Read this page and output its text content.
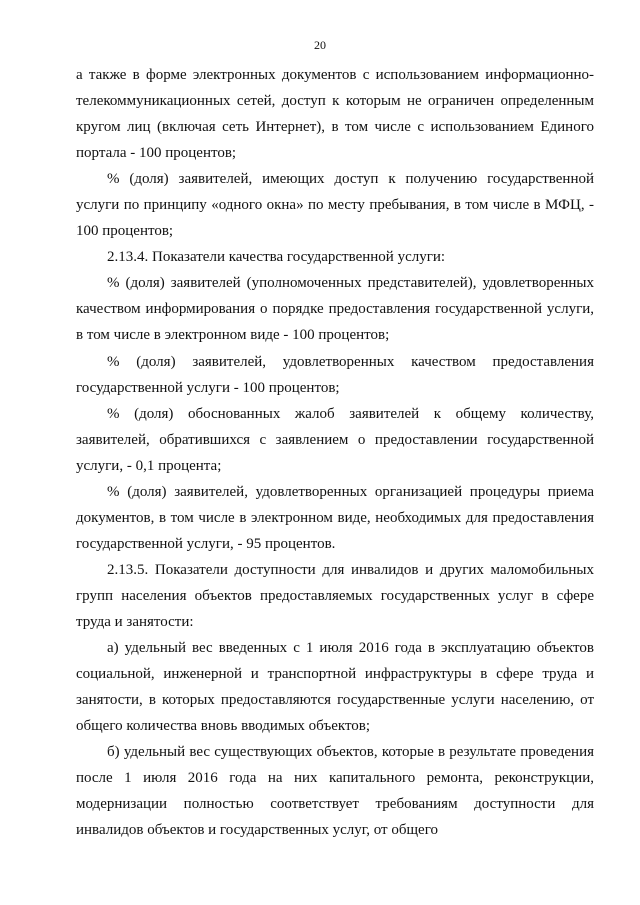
20

а также в форме электронных документов с использованием информационно-телекоммуникационных сетей, доступ к которым не ограничен определенным кругом лиц (включая сеть Интернет), в том числе с использованием Единого портала - 100 процентов;

% (доля) заявителей, имеющих доступ к получению государственной услуги по принципу «одного окна» по месту пребывания, в том числе в МФЦ, - 100 процентов;

2.13.4. Показатели качества государственной услуги:

% (доля) заявителей (уполномоченных представителей), удовлетворенных качеством информирования о порядке предоставления государственной услуги, в том числе в электронном виде - 100 процентов;

% (доля) заявителей, удовлетворенных качеством предоставления государственной услуги - 100 процентов;

% (доля) обоснованных жалоб заявителей к общему количеству, заявителей, обратившихся с заявлением о предоставлении государственной услуги, - 0,1 процента;

% (доля) заявителей, удовлетворенных организацией процедуры приема документов, в том числе в электронном виде, необходимых для предоставления государственной услуги, - 95 процентов.

2.13.5. Показатели доступности для инвалидов и других маломобильных групп населения объектов предоставляемых государственных услуг в сфере труда и занятости:

а) удельный вес введенных с 1 июля 2016 года в эксплуатацию объектов социальной, инженерной и транспортной инфраструктуры в сфере труда и занятости, в которых предоставляются государственные услуги населению, от общего количества вновь вводимых объектов;

б) удельный вес существующих объектов, которые в результате проведения после 1 июля 2016 года на них капитального ремонта, реконструкции, модернизации полностью соответствует требованиям доступности для инвалидов объектов и государственных услуг, от общего
